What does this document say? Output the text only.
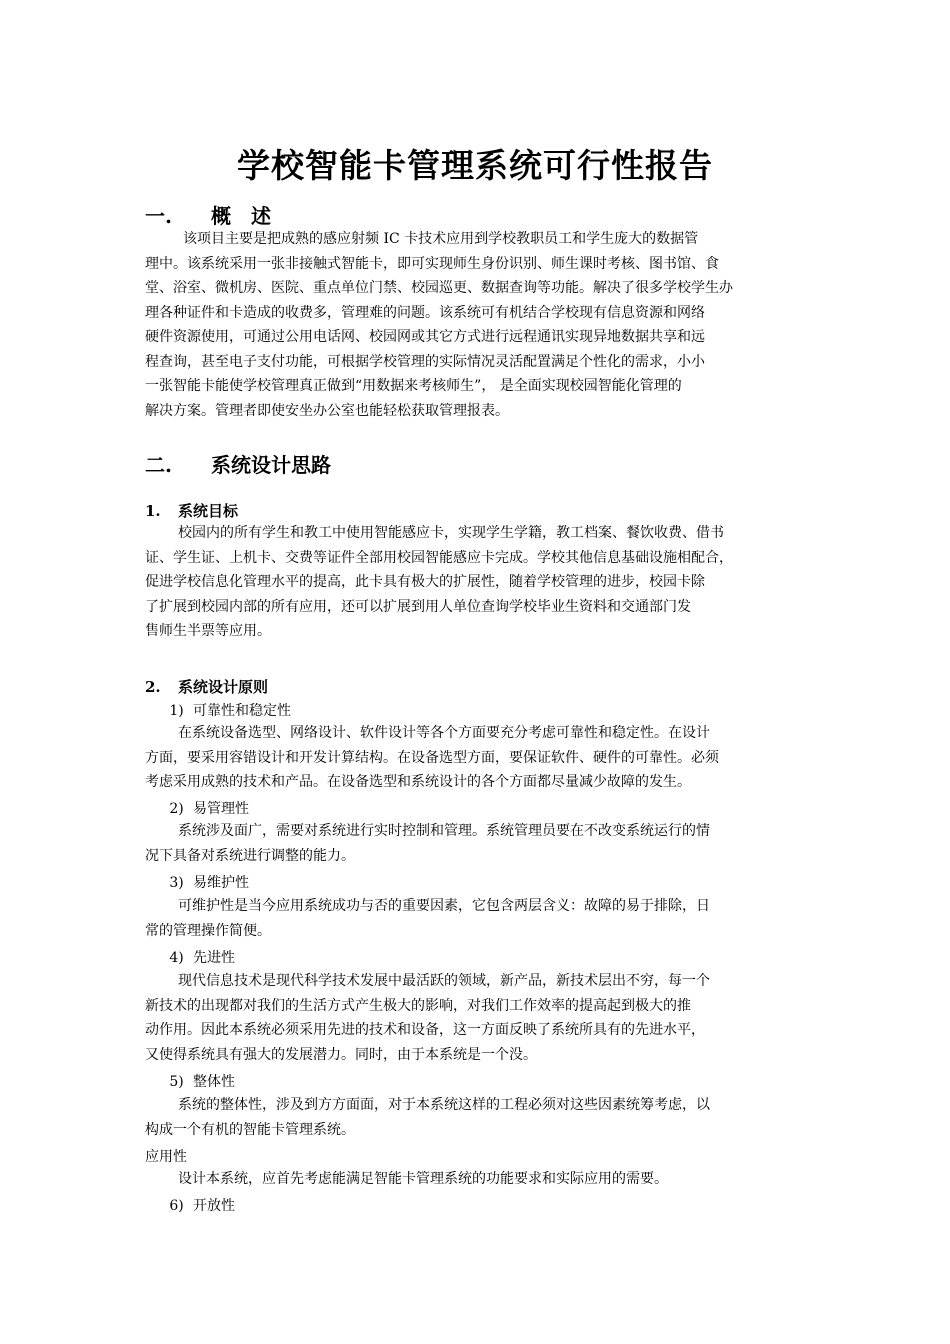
学校智能卡管理系统可行性报告
一. 概　述
该项目主要是把成熟的感应射频 IC 卡技术应用到学校教职员工和学生庞大的数据管
理中。该系统采用一张非接触式智能卡，即可实现师生身份识别、师生课时考核、图书馆、食
堂、浴室、微机房、医院、重点单位门禁、校园巡更、数据查询等功能。解决了很多学校学生办
理各种证件和卡造成的收费多，管理难的问题。该系统可有机结合学校现有信息资源和网络
硬件资源使用，可通过公用电话网、校园网或其它方式进行远程通讯实现异地数据共享和远
程查询，甚至电子支付功能，可根据学校管理的实际情况灵活配置满足个性化的需求，小小
一张智能卡能使学校管理真正做到“用数据来考核师生”， 是全面实现校园智能化管理的
解决方案。管理者即使安坐办公室也能轻松获取管理报表。
二. 系统设计思路
1. 系统目标
校园内的所有学生和教工中使用智能感应卡，实现学生学籍，教工档案、餐饮收费、借书
证、学生证、上机卡、交费等证件全部用校园智能感应卡完成。学校其他信息基础设施相配合，
促进学校信息化管理水平的提高，此卡具有极大的扩展性，随着学校管理的进步，校园卡除
了扩展到校园内部的所有应用，还可以扩展到用人单位查询学校毕业生资料和交通部门发
售师生半票等应用。
2. 系统设计原则
1) 可靠性和稳定性
在系统设备选型、网络设计、软件设计等各个方面要充分考虑可靠性和稳定性。在设计
方面，要采用容错设计和开发计算结构。在设备选型方面，要保证软件、硬件的可靠性。必须
考虑采用成熟的技术和产品。在设备选型和系统设计的各个方面都尽量减少故障的发生。
2) 易管理性
系统涉及面广，需要对系统进行实时控制和管理。系统管理员要在不改变系统运行的情
况下具备对系统进行调整的能力。
3) 易维护性
可维护性是当今应用系统成功与否的重要因素，它包含两层含义：故障的易于排除，日
常的管理操作简便。
4) 先进性
现代信息技术是现代科学技术发展中最活跃的领域，新产品，新技术层出不穷，每一个
新技术的出现都对我们的生活方式产生极大的影响，对我们工作效率的提高起到极大的推
动作用。因此本系统必须采用先进的技术和设备，这一方面反映了系统所具有的先进水平，
又使得系统具有强大的发展潜力。同时，由于本系统是一个没。
5) 整体性
系统的整体性，涉及到方方面面，对于本系统这样的工程必须对这些因素统筹考虑，以
构成一个有机的智能卡管理系统。
应用性
设计本系统，应首先考虑能满足智能卡管理系统的功能要求和实际应用的需要。
6) 开放性
